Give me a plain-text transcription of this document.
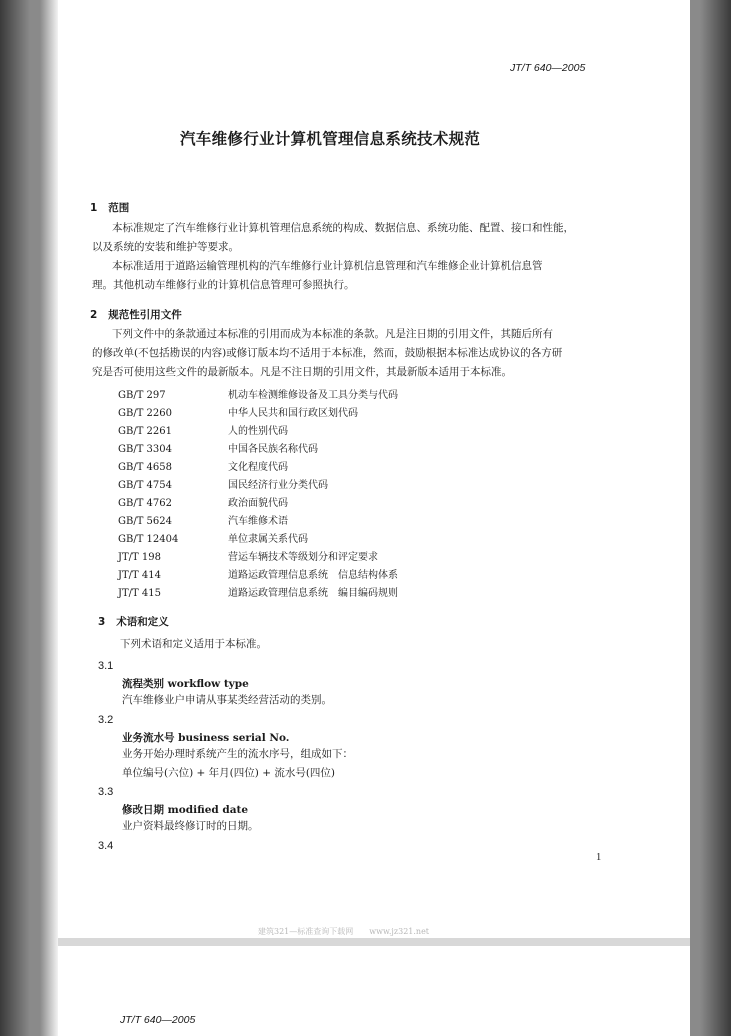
JT/T 640—2005
汽车维修行业计算机管理信息系统技术规范
1 范围
本标准规定了汽车维修行业计算机管理信息系统的构成、数据信息、系统功能、配置、接口和性能，
以及系统的安装和维护等要求。
本标准适用于道路运输管理机构的汽车维修行业计算机信息管理和汽车维修企业计算机信息管
理。其他机动车维修行业的计算机信息管理可参照执行。
2 规范性引用文件
下列文件中的条款通过本标准的引用而成为本标准的条款。凡是注日期的引用文件，其随后所有
的修改单(不包括勘误的内容)或修订版本均不适用于本标准，然而，鼓励根据本标准达成协议的各方研
究是否可使用这些文件的最新版本。凡是不注日期的引用文件，其最新版本适用于本标准。
GB/T 297	机动车检测维修设备及工具分类与代码
GB/T 2260	中华人民共和国行政区划代码
GB/T 2261	人的性别代码
GB/T 3304	中国各民族名称代码
GB/T 4658	文化程度代码
GB/T 4754	国民经济行业分类代码
GB/T 4762	政治面貌代码
GB/T 5624	汽车维修术语
GB/T 12404	单位隶属关系代码
JT/T 198	营运车辆技术等级划分和评定要求
JT/T 414	道路运政管理信息系统　信息结构体系
JT/T 415	道路运政管理信息系统　编目编码规则
3 术语和定义
下列术语和定义适用于本标准。
3.1
流程类别 workflow type
汽车维修业户申请从事某类经营活动的类别。
3.2
业务流水号 business serial No.
业务开始办理时系统产生的流水序号，组成如下：
单位编号(六位) + 年月(四位) + 流水号(四位)
3.3
修改日期 modified date
业户资料最终修订时的日期。
3.4
1
建筑321—标准查询下载网　　www.jz321.net
JT/T 640—2005
